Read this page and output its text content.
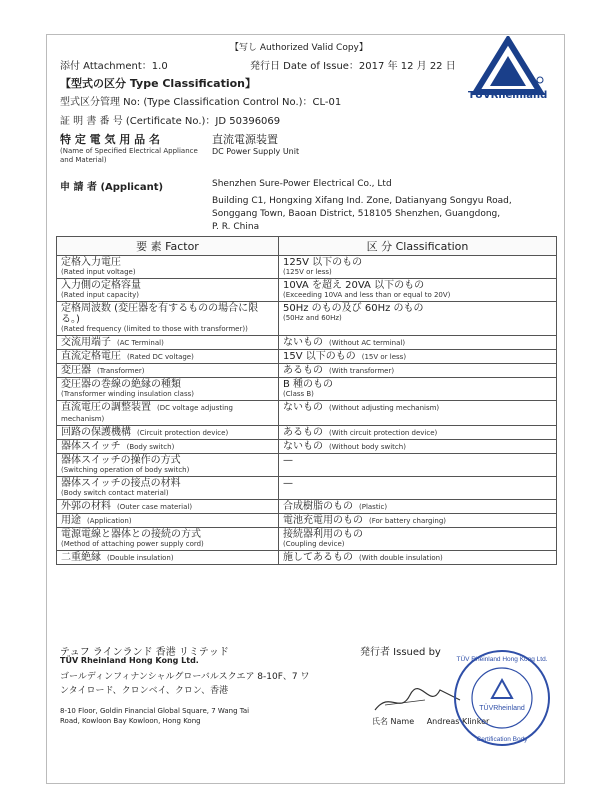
【写し Authorized Valid Copy】
添付 Attachment：1.0	発行日 Date of Issue：2017 年 12 月 22 日
【型式の区分 Type Classification】
型式区分管理 No: (Type Classification Control No.)：CL-01
証 明 書 番 号 (Certificate No.)：JD 50396069
特 定 電 気 用 品 名
(Name of Specified Electrical Appliance and Material)
直流電源装置
DC Power Supply Unit
申 請 者 (Applicant)	Shenzhen Sure-Power Electrical Co., Ltd
Building C1, Hongxing Xifang Ind. Zone, Datianyang Songyu Road,
Songgang Town, Baoan District, 518105 Shenzhen, Guangdong,
P. R. China
TÜVRheinland
要 素 Factor	区 分 Classification
定格入力電圧
(Rated input voltage)	125V 以下のもの
(125V or less)

入力側の定格容量
(Rated input capacity)	10VA を超え 20VA 以下のもの
(Exceeding 10VA and less than or equal to 20V)

定格周波数 (変圧器を有するものの場合に限る。)
(Rated frequency (limited to those with transformer))	50Hz のもの及び 60Hz のもの
(50Hz and 60Hz)

交流用端子 (AC Terminal)	ないもの (Without AC terminal)
直流定格電圧 (Rated DC voltage)	15V 以下のもの (15V or less)
変圧器 (Transformer)	あるもの (With transformer)
変圧器の巻線の絶縁の種類
(Transformer winding insulation class)	B 種のもの
(Class B)

直流電圧の調整装置 (DC voltage adjusting mechanism)	ないもの (Without adjusting mechanism)
回路の保護機構 (Circuit protection device)	あるもの (With circuit protection device)
器体スイッチ (Body switch)	ないもの (Without body switch)
器体スイッチの操作の方式
(Switching operation of body switch)	—
器体スイッチの接点の材料
(Body switch contact material)	—
外郭の材料 (Outer case material)	合成樹脂のもの (Plastic)
用途 (Application)	電池充電用のもの (For battery charging)
電源電線と器体との接続の方式
(Method of attaching power supply cord)	接続器利用のもの
(Coupling device)

二重絶縁 (Double insulation)	施してあるもの (With double insulation)
テュフ ラインランド 香港 リミテッド
TÜV Rheinland Hong Kong Ltd.
ゴールディンフィナンシャルグローバルスクエア 8-10F、7 ワンタイロード、クロンベイ、クロン、香港
8-10 Floor, Goldin Financial Global Square, 7 Wang Tai Road, Kowloon Bay Kowloon, Hong Kong
発行者 Issued by
氏名 Name Andreas Klinker
TÜVRheinland
TÜV Rheinland Hong Kong Ltd.
Certification Body
